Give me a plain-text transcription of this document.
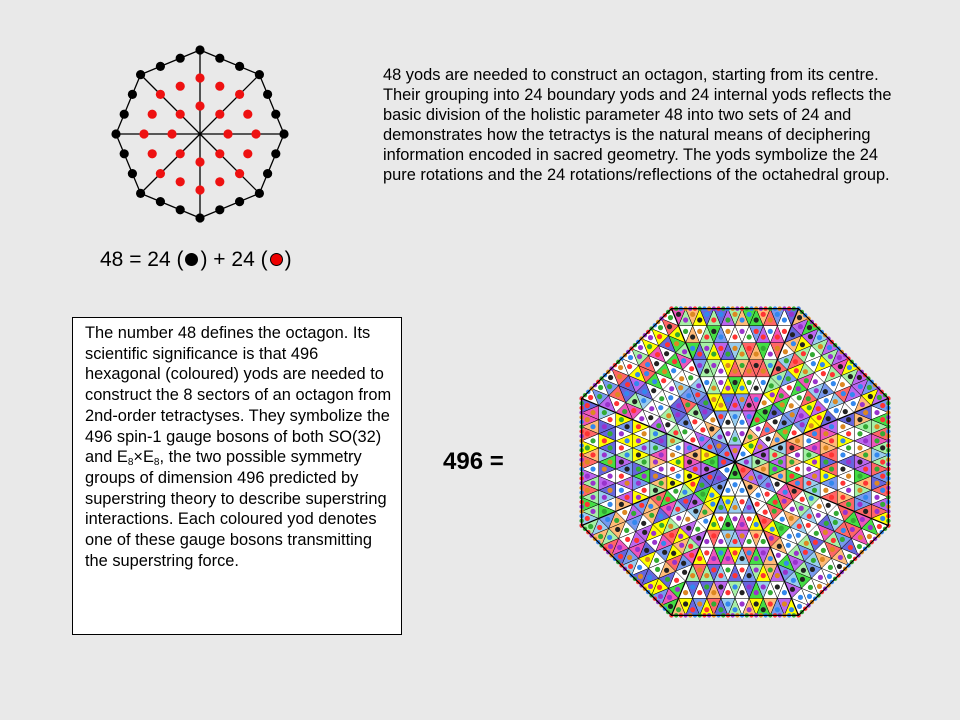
48 = 24 ( ) + 24 ( )
48 yods are needed to construct an octagon, starting from its centre. Their grouping into 24 boundary yods and 24 internal yods reflects the basic division of the holistic parameter 48 into two sets of 24 and demonstrates how the tetractys is the natural means of deciphering information encoded in sacred geometry. The yods symbolize the 24 pure rotations and the 24 rotations/reflections of the octahedral group.
The number 48 defines the octagon. Its scientific significance is that 496 hexagonal (coloured) yods are needed to construct the 8 sectors of an octagon from 2nd-order tetractyses. They symbolize the 496 spin-1 gauge bosons of both SO(32) and $E_8\times E_8$, the two possible symmetry groups of dimension 496 predicted by superstring theory to describe superstring interactions. Each coloured yod denotes one of these gauge bosons transmitting the superstring force.
496 =
